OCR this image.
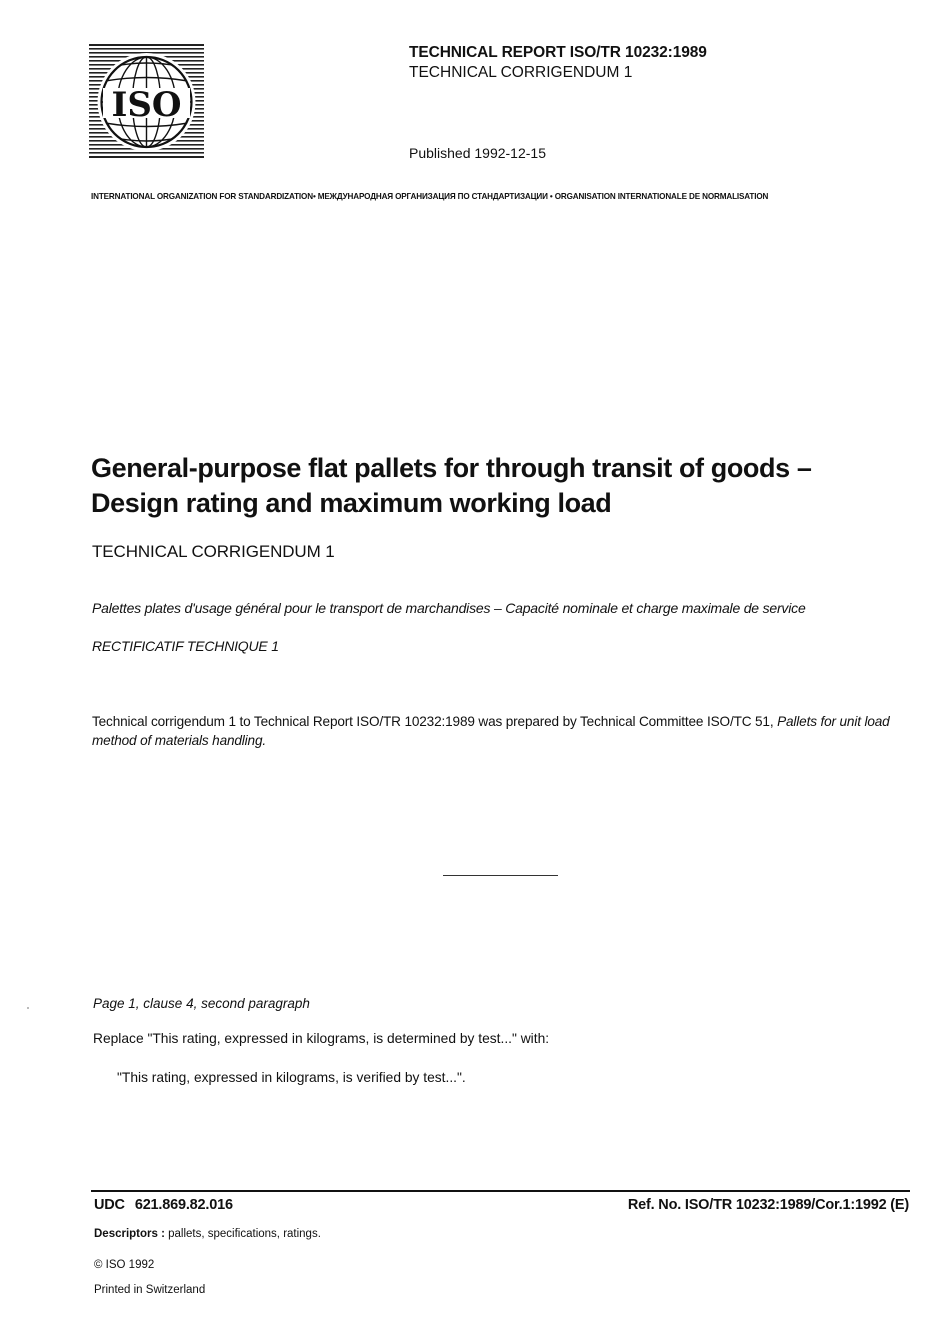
ISO
TECHNICAL REPORT ISO/TR 10232:1989
TECHNICAL CORRIGENDUM 1
Published 1992-12-15
INTERNATIONAL ORGANIZATION FOR STANDARDIZATION• МЕЖДУНАРОДНАЯ ОРГАНИЗАЦИЯ ПО СТАНДАРТИЗАЦИИ • ORGANISATION INTERNATIONALE DE NORMALISATION
General-purpose flat pallets for through transit of goods –
Design rating and maximum working load
TECHNICAL CORRIGENDUM 1
Palettes plates d'usage général pour le transport de marchandises – Capacité nominale et charge maximale de service
RECTIFICATIF TECHNIQUE 1
Technical corrigendum 1 to Technical Report ISO/TR 10232:1989 was prepared by Technical Committee ISO/TC 51, Pallets for unit load method of materials handling.
Page 1, clause 4, second paragraph
Replace "This rating, expressed in kilograms, is determined by test..." with:
"This rating, expressed in kilograms, is verified by test...".
UDC 621.869.82.016	Ref. No. ISO/TR 10232:1989/Cor.1:1992 (E)
Descriptors : pallets, specifications, ratings.
© ISO 1992
Printed in Switzerland
